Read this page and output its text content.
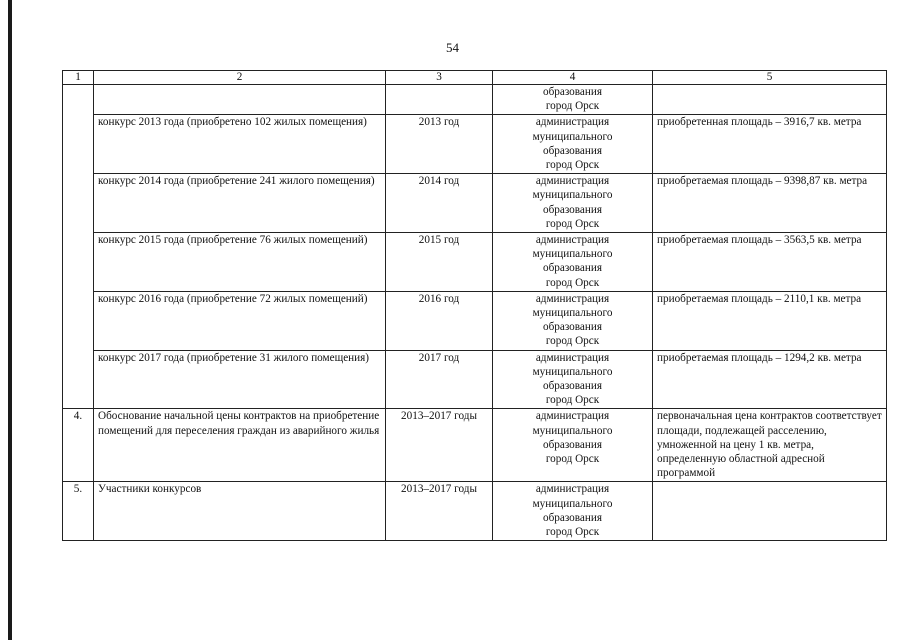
54
1	2	3	4	5

			образования
город Орск	

	конкурс 2013 года (приобретено 102 жилых помещения)	2013 год	администрация
муниципального
образования
город Орск	приобретенная площадь – 3916,7 кв. метра
	конкурс 2014 года (приобретение 241 жилого помещения)	2014 год	администрация
муниципального
образования
город Орск	приобретаемая площадь – 9398,87 кв. метра
	конкурс 2015 года (приобретение 76 жилых помещений)	2015 год	администрация
муниципального
образования
город Орск	приобретаемая площадь – 3563,5 кв. метра
	конкурс 2016 года (приобретение 72 жилых помещений)	2016 год	администрация
муниципального
образования
город Орск	приобретаемая площадь – 2110,1 кв. метра
	конкурс 2017 года (приобретение 31 жилого помещения)	2017 год	администрация
муниципального
образования
город Орск	приобретаемая площадь – 1294,2 кв. метра
4.	Обоснование начальной цены контрактов на приобретение помещений для переселения граждан из аварийного жилья	2013–2017 годы	администрация
муниципального
образования
город Орск	первоначальная цена контрактов соответствует площади, подлежащей расселению, умноженной на цену 1 кв. метра, определенную областной адресной программой
5.	Участники конкурсов	2013–2017 годы	администрация
муниципального
образования
город Орск	
